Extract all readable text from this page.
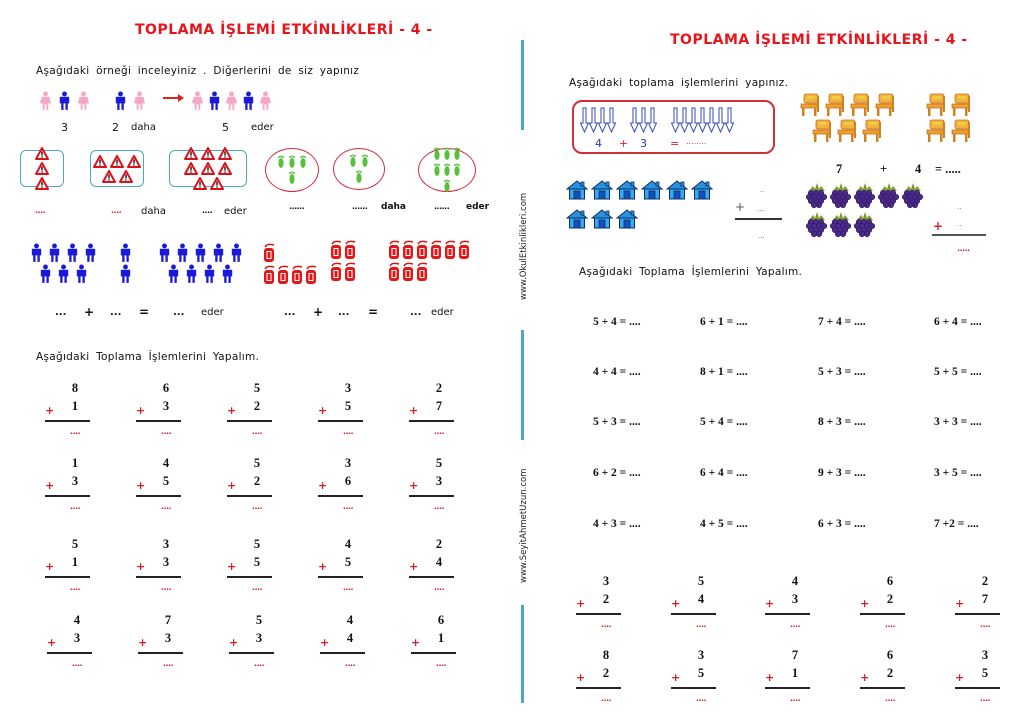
TOPLAMA İŞLEMİ ETKİNLİKLERİ - 4 -
Aşağıdaki örneği inceleyiniz . Diğerlerini de siz yapınız
3	2 daha	5 eder
....	.... daha	.... eder	......	...... daha	...... eder
... + ... = ... eder	... + ... =	... eder
Aşağıdaki Toplama İşlemlerini Yapalım.
8
+	1
....
6
+	3
....
5
+	2
....
3
+	5
....
2
+	7
....
1
+	3
....
4
+	5
....
5
+	2
....
3
+	6
....
5
+	3
....
5
+	1
....
3
+	3
....
5
+	5
....
4
+	5
....
2
+	4
....
4
+	3
....
7
+	3
....
5
+	3
....
4
+	4
....
6
+	1
....
www.OkulEtkinlikleri.com
www.SeyitAhmetUzun.com
TOPLAMA İŞLEMİ ETKİNLİKLERİ - 4 -
Aşağıdaki toplama işlemlerini yapınız.
4 + 3 = ........
7	+ 4 = .....
..
+ ...
...
..
+ ..
.....
Aşağıdaki Toplama İşlemlerini Yapalım.
5 + 4 = ....	6 + 1 = ....	7 + 4 = ....	6 + 4 = ....
4 + 4 = ....	8 + 1 = ....	5 + 3 = ....	5 + 5 = ....
5 + 3 = ....	5 + 4 = ....	8 + 3 = ....	3 + 3 = ....
6 + 2 = ....	6 + 4 = ....	9 + 3 = ....	3 + 5 = ....
4 + 3 = ....	4 + 5 = ....	6 + 3 = ....	7 +2 = ....
3
+	2
....
5
+	4
....
4
+	3
....
6
+	2
....
2
+	7
....
8
+	2
....
3
+	5
....
7
+	1
....
6
+	2
....
3
+	5
....
